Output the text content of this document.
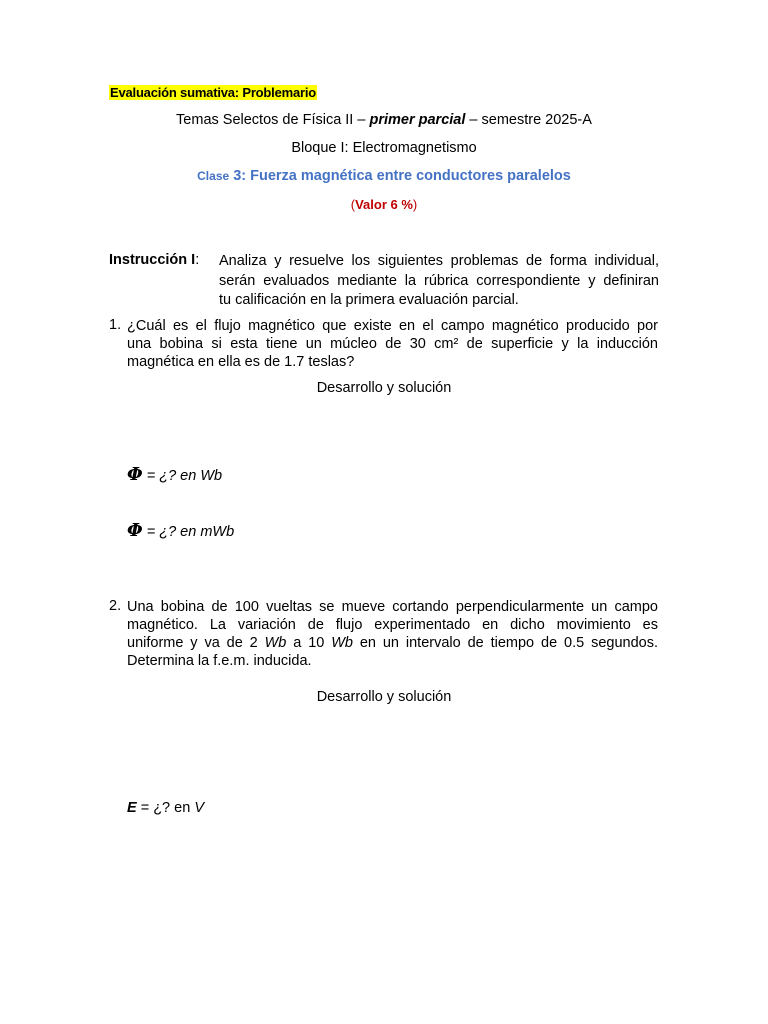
Evaluación sumativa: Problemario
Temas Selectos de Física II – primer parcial – semestre 2025-A
Bloque I: Electromagnetismo
Clase 3: Fuerza magnética entre conductores paralelos
(Valor 6 %)
Instrucción I: Analiza y resuelve los siguientes problemas de forma individual,
serán evaluados mediante la rúbrica correspondiente y definiran
tu calificación en la primera evaluación parcial.
1. ¿Cuál es el flujo magnético que existe en el campo magnético producido por
una bobina si esta tiene un múcleo de 30 cm² de superficie y la inducción
magnética en ella es de 1.7 teslas?
Desarrollo y solución
Φ = ¿? en Wb
Φ = ¿? en mWb
2. Una bobina de 100 vueltas se mueve cortando perpendicularmente un campo
magnético. La variación de flujo experimentado en dicho movimiento es
uniforme y va de 2 Wb a 10 Wb en un intervalo de tiempo de 0.5 segundos.
Determina la f.e.m. inducida.
Desarrollo y solución
E = ¿? en V
